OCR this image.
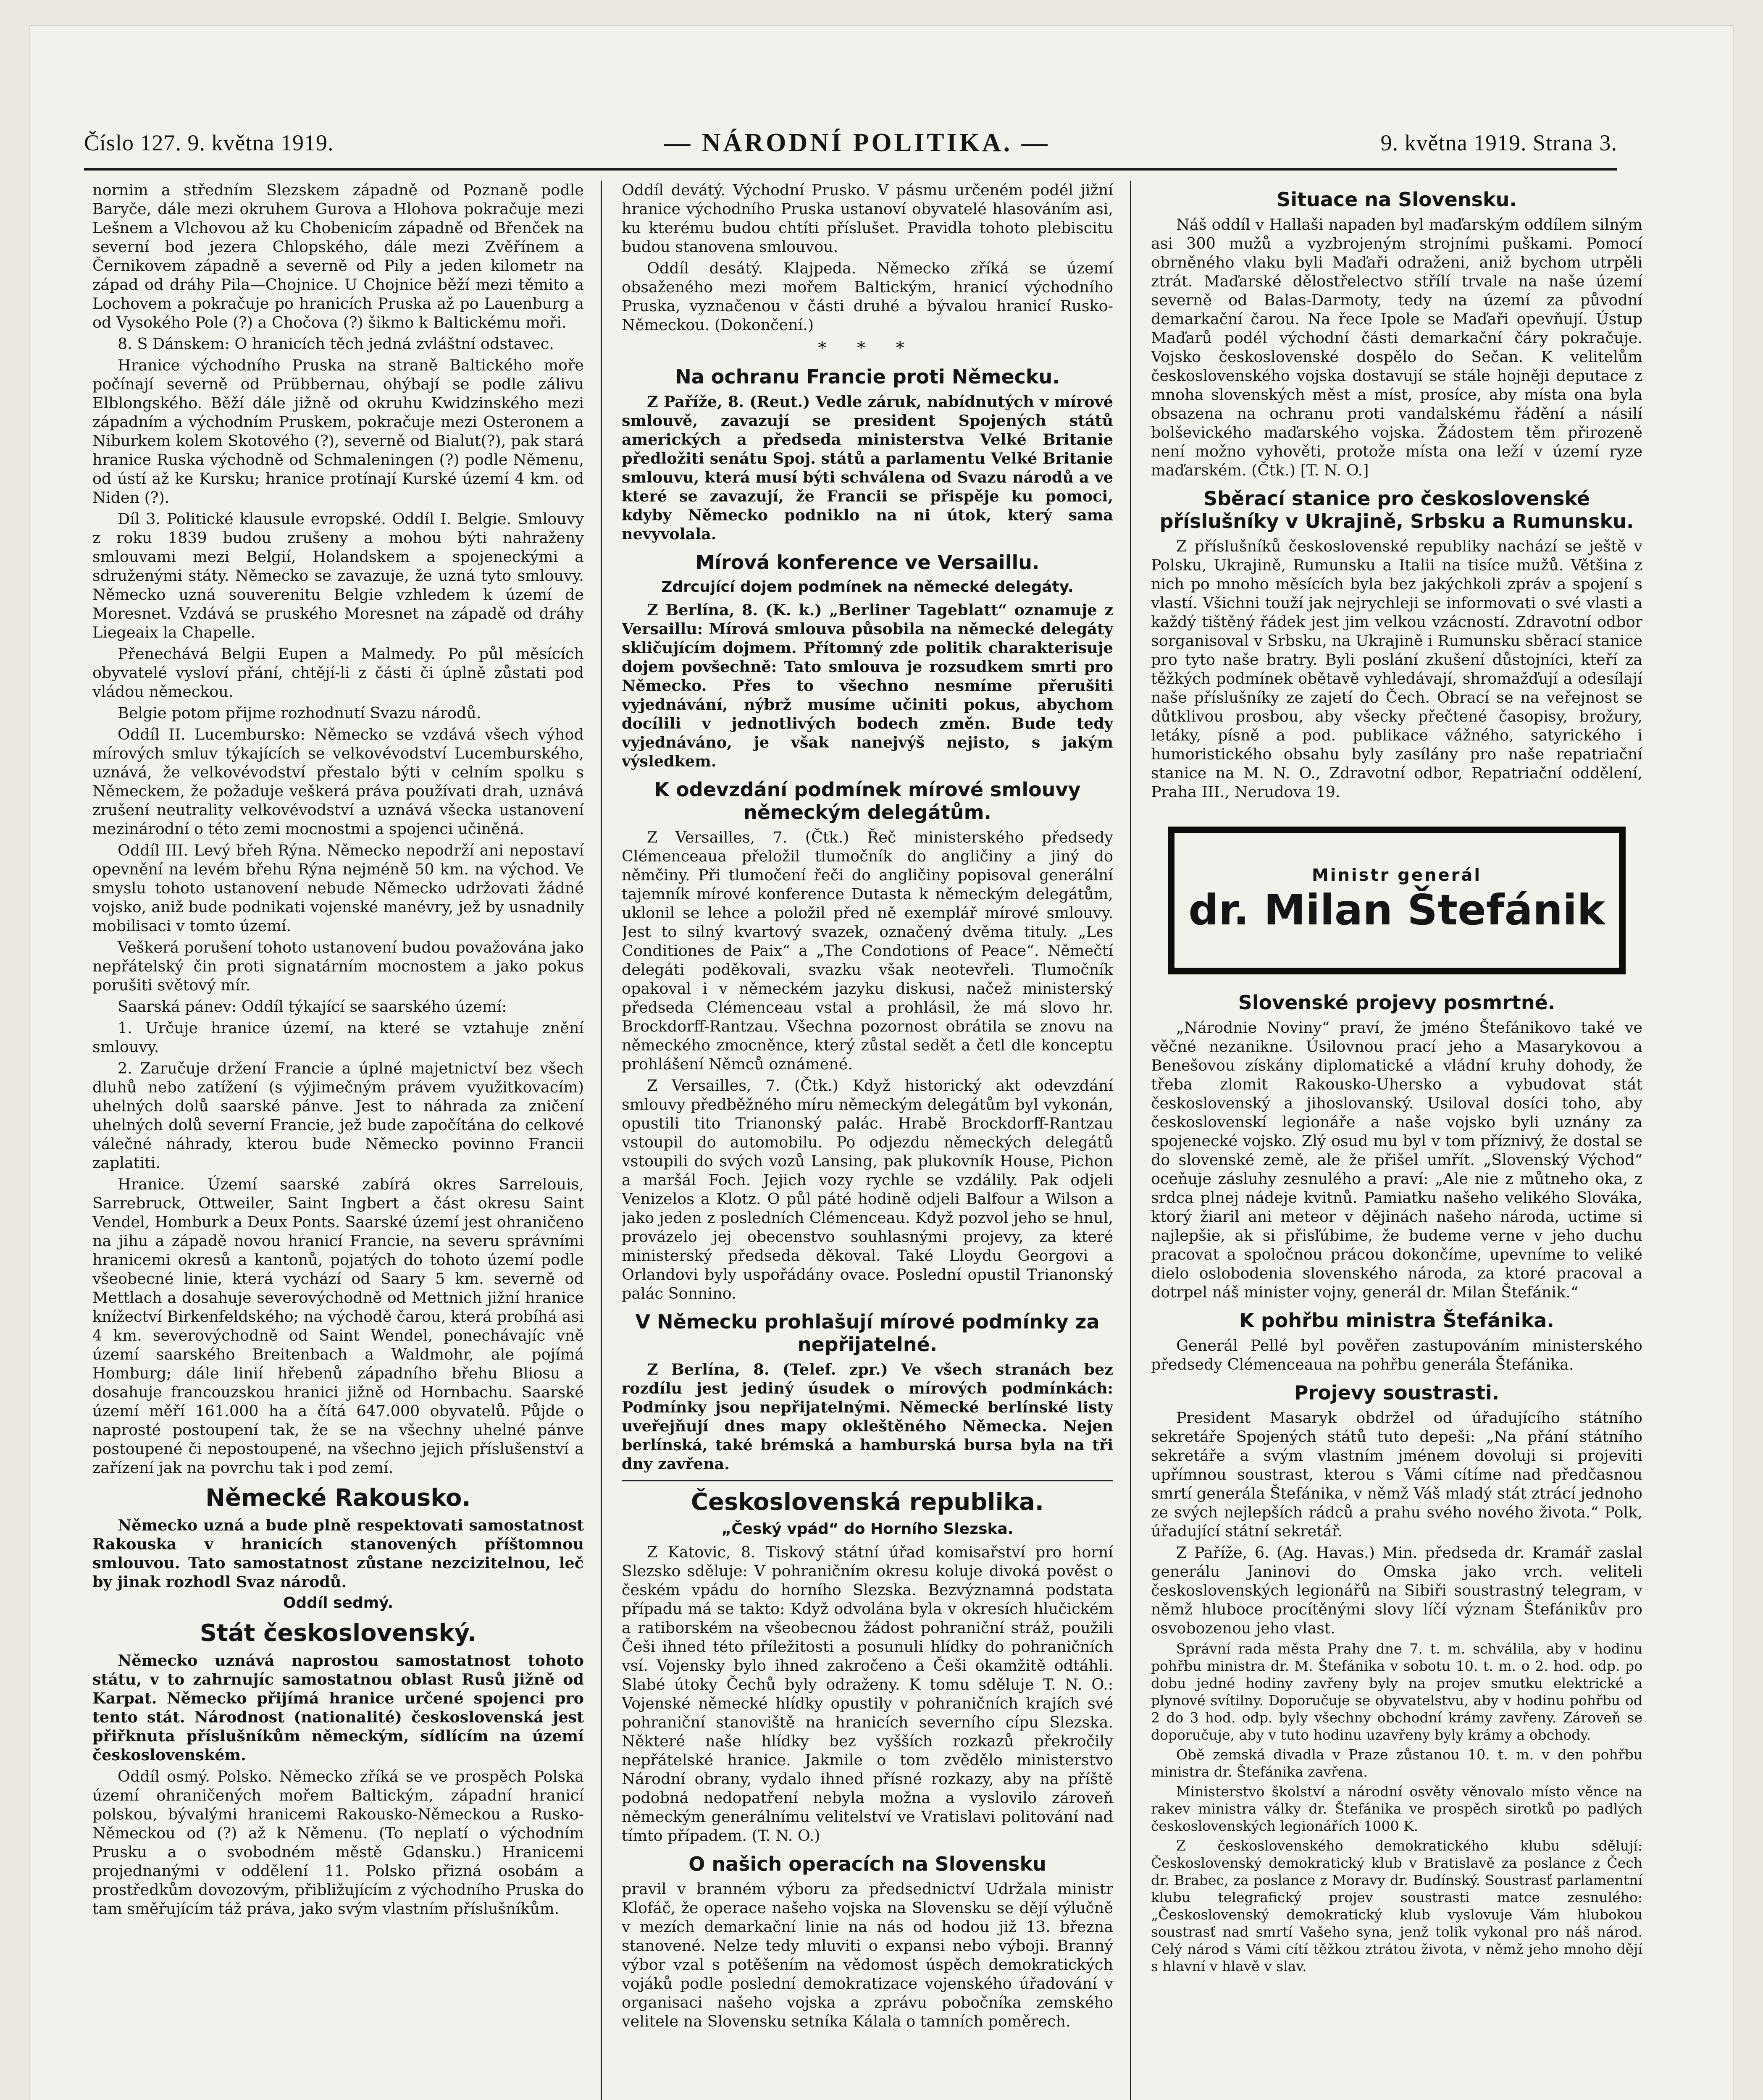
Číslo 127. 9. května 1919.	— NÁRODNÍ POLITIKA. —	9. května 1919. Strana 3.

nornim a středním Slezskem západně od Poznaně podle Baryče, dále mezi okruhem Gurova a Hlohova pokračuje mezi Lešnem a Vlchovou až ku Chobenicím západně od Břenček na severní bod jezera Chlopského, dále mezi Zvěřínem a Černikovem západně a severně od Pily a jeden kilometr na západ od dráhy Pila—Chojnice. U Chojnice běží mezi těmito a Lochovem a pokračuje po hranicích Pruska až po Lauenburg a od Vysokého Pole (?) a Chočova (?) šikmo k Baltickému moři.

8. S Dánskem: O hranicích těch jedná zvláštní odstavec.

Hranice východního Pruska na straně Baltického moře počínají severně od Prübbernau, ohýbají se podle zálivu Elblongského. Běží dále jižně od okruhu Kwidzinského mezi západním a východním Pruskem, pokračuje mezi Osteronem a Niburkem kolem Skotového (?), severně od Bialut(?), pak stará hranice Ruska východně od Schmaleningen (?) podle Němenu, od ústí až ke Kursku; hranice protínají Kurské území 4 km. od Niden (?).

Díl 3. Politické klausule evropské. Oddíl I. Belgie. Smlouvy z roku 1839 budou zrušeny a mohou býti nahraženy smlouvami mezi Belgií, Holandskem a spojeneckými a sdruženými státy. Německo se zavazuje, že uzná tyto smlouvy. Německo uzná souverenitu Belgie vzhledem k území de Moresnet. Vzdává se pruského Moresnet na západě od dráhy Liegeaix la Chapelle.

Přenechává Belgii Eupen a Malmedy. Po půl měsících obyvatelé vysloví přání, chtějí-li z části či úplně zůstati pod vládou německou.

Belgie potom přijme rozhodnutí Svazu národů.

Oddíl II. Lucembursko: Německo se vzdává všech výhod mírových smluv týkajících se velkovévodství Lucemburského, uznává, že velkovévodství přestalo býti v celním spolku s Německem, že požaduje veškerá práva používati drah, uznává zrušení neutrality velkovévodství a uznává všecka ustanovení mezinárodní o této zemi mocnostmi a spojenci učiněná.

Oddíl III. Levý břeh Rýna. Německo nepodrží ani nepostaví opevnění na levém břehu Rýna nejméně 50 km. na východ. Ve smyslu tohoto ustanovení nebude Německo udržovati žádné vojsko, aniž bude podnikati vojenské manévry, jež by usnadnily mobilisaci v tomto území.

Veškerá porušení tohoto ustanovení budou považována jako nepřátelský čin proti signatárním mocnostem a jako pokus porušiti světový mír.

Saarská pánev: Oddíl týkající se saarského území:

1. Určuje hranice území, na které se vztahuje znění smlouvy.

2. Zaručuje držení Francie a úplné majetnictví bez všech dluhů nebo zatížení (s výjimečným právem využitkovacím) uhelných dolů saarské pánve. Jest to náhrada za zničení uhelných dolů severní Francie, jež bude započítána do celkové válečné náhrady, kterou bude Německo povinno Francii zaplatiti.

Hranice. Území saarské zabírá okres Sarrelouis, Sarrebruck, Ottweiler, Saint Ingbert a část okresu Saint Vendel, Homburk a Deux Ponts. Saarské území jest ohraničeno na jihu a západě novou hranicí Francie, na severu správními hranicemi okresů a kantonů, pojatých do tohoto území podle všeobecné linie, která vychází od Saary 5 km. severně od Mettlach a dosahuje severovýchodně od Mettnich jižní hranice knížectví Birkenfeldského; na východě čarou, která probíhá asi 4 km. severovýchodně od Saint Wendel, ponechávajíc vně území saarského Breitenbach a Waldmohr, ale pojímá Homburg; dále linií hřebenů západního břehu Bliosu a dosahuje francouzskou hranici jižně od Hornbachu. Saarské území měří 161.000 ha a čítá 647.000 obyvatelů. Půjde o naprosté postoupení tak, že se na všechny uhelné pánve postoupené či nepostoupené, na všechno jejich příslušenství a zařízení jak na povrchu tak i pod zemí.

Německé Rakousko.

Německo uzná a bude plně respektovati samostatnost Rakouska v hranicích stanovených příštomnou smlouvou. Tato samostatnost zůstane nezcizitelnou, leč by jinak rozhodl Svaz národů.

Oddíl sedmý.
Stát československý.

Německo uznává naprostou samostatnost tohoto státu, v to zahrnujíc samostatnou oblast Rusů jižně od Karpat. Německo přijímá hranice určené spojenci pro tento stát. Národnost (nationalité) československá jest přiřknuta příslušníkům německým, sídlícím na území československém.

Oddíl osmý. Polsko. Německo zříká se ve prospěch Polska území ohraničených mořem Baltickým, západní hranicí polskou, bývalými hranicemi Rakousko-Německou a Rusko-Německou od (?) až k Němenu. (To neplatí o východním Prusku a o svobodném městě Gdansku.) Hranicemi projednanými v oddělení 11. Polsko přizná osobám a prostředkům dovozovým, přibližujícím z východního Pruska do tam směřujícím táž práva, jako svým vlastním příslušníkům.

Oddíl devátý. Východní Prusko. V pásmu určeném podél jižní hranice východního Pruska ustanoví obyvatelé hlasováním asi, ku kterému budou chtíti příslušet. Pravidla tohoto plebiscitu budou stanovena smlouvou.

Oddíl desátý. Klajpeda. Německo zříká se území obsaženého mezi mořem Baltickým, hranicí východního Pruska, vyznačenou v části druhé a bývalou hranicí Rusko-Německou. (Dokončení.)

* * *
Na ochranu Francie proti Německu.

Z Paříže, 8. (Reut.) Vedle záruk, nabídnutých v mírové smlouvě, zavazují se president Spojených států amerických a předseda ministerstva Velké Britanie předložiti senátu Spoj. států a parlamentu Velké Britanie smlouvu, která musí býti schválena od Svazu národů a ve které se zavazují, že Francii se přispěje ku pomoci, kdyby Německo podniklo na ni útok, který sama nevyvolala.

Mírová konference ve Versaillu.
Zdrcující dojem podmínek na německé delegáty.

Z Berlína, 8. (K. k.) „Berliner Tageblatt“ oznamuje z Versaillu: Mírová smlouva působila na německé delegáty skličujícím dojmem. Přítomný zde politik charakterisuje dojem povšechně: Tato smlouva je rozsudkem smrti pro Německo. Přes to všechno nesmíme přerušiti vyjednávání, nýbrž musíme učiniti pokus, abychom docílili v jednotlivých bodech změn. Bude tedy vyjednáváno, je však nanejvýš nejisto, s jakým výsledkem.

K odevzdání podmínek mírové smlouvy německým delegátům.

Z Versailles, 7. (Čtk.) Řeč ministerského předsedy Clémenceaua přeložil tlumočník do angličiny a jiný do němčiny. Při tlumočení řeči do angličiny popisoval generální tajemník mírové konference Dutasta k německým delegátům, uklonil se lehce a položil před ně exemplář mírové smlouvy. Jest to silný kvartový svazek, označený dvěma tituly. „Les Conditiones de Paix“ a „The Condotions of Peace“. Němečtí delegáti poděkovali, svazku však neotevřeli. Tlumočník opakoval i v německém jazyku diskusi, načež ministerský předseda Clémenceau vstal a prohlásil, že má slovo hr. Brockdorff-Rantzau. Všechna pozornost obrátila se znovu na německého zmocněnce, který zůstal sedět a četl dle konceptu prohlášení Němců oznámené.

Z Versailles, 7. (Čtk.) Když historický akt odevzdání smlouvy předběžného míru německým delegátům byl vykonán, opustili tito Trianonský palác. Hrabě Brockdorff-Rantzau vstoupil do automobilu. Po odjezdu německých delegátů vstoupili do svých vozů Lansing, pak plukovník House, Pichon a maršál Foch. Jejich vozy rychle se vzdálily. Pak odjeli Venizelos a Klotz. O půl páté hodině odjeli Balfour a Wilson a jako jeden z posledních Clémenceau. Když pozvol jeho se hnul, provázelo jej obecenstvo souhlasnými projevy, za které ministerský předseda děkoval. Také Lloydu Georgovi a Orlandovi byly uspořádány ovace. Poslední opustil Trianonský palác Sonnino.

V Německu prohlašují mírové podmínky za nepřijatelné.

Z Berlína, 8. (Telef. zpr.) Ve všech stranách bez rozdílu jest jediný úsudek o mírových podmínkách: Podmínky jsou nepřijatelnými. Německé berlínské listy uveřejňují dnes mapy okleštěného Německa. Nejen berlínská, také brémská a hamburská bursa byla na tři dny zavřena.

Československá republika.
„Český vpád“ do Horního Slezska.

Z Katovic, 8. Tiskový státní úřad komisařství pro horní Slezsko sděluje: V pohraničním okresu koluje divoká pověst o českém vpádu do horního Slezska. Bezvýznamná podstata případu má se takto: Když odvolána byla v okresích hlučickém a ratiborském na všeobecnou žádost pohraniční stráž, použili Češi ihned této příležitosti a posunuli hlídky do pohraničních vsí. Vojensky bylo ihned zakročeno a Češi okamžitě odtáhli. Slabé útoky Čechů byly odraženy. K tomu sděluje T. N. O.: Vojenské německé hlídky opustily v pohraničních krajích své pohraniční stanoviště na hranicích severního cípu Slezska. Některé naše hlídky bez vyšších rozkazů překročily nepřátelské hranice. Jakmile o tom zvědělo ministerstvo Národní obrany, vydalo ihned přísné rozkazy, aby na příště podobná nedopatření nebyla možna a vyslovilo zároveň německým generálnímu velitelství ve Vratislavi politování nad tímto případem. (T. N. O.)

O našich operacích na Slovensku

pravil v branném výboru za předsednictví Udržala ministr Klofáč, že operace našeho vojska na Slovensku se dějí výlučně v mezích demarkační linie na nás od hodou již 13. března stanovené. Nelze tedy mluviti o expansi nebo výboji. Branný výbor vzal s potěšením na vědomost úspěch demokratických vojáků podle poslední demokratizace vojenského úřadování v organisaci našeho vojska a zprávu pobočníka zemského velitele na Slovensku setníka Kálala o tamních poměrech.

Situace na Slovensku.

Náš oddíl v Hallaši napaden byl maďarským oddílem silným asi 300 mužů a vyzbrojeným strojními puškami. Pomocí obrněného vlaku byli Maďaři odraženi, aniž bychom utrpěli ztrát. Maďarské dělostřelectvo střílí trvale na naše území severně od Balas-Darmoty, tedy na území za původní demarkační čarou. Na řece Ipole se Maďaři opevňují. Ústup Maďarů podél východní části demarkační čáry pokračuje. Vojsko československé dospělo do Sečan. K velitelům československého vojska dostavují se stále hojněji deputace z mnoha slovenských měst a míst, prosíce, aby místa ona byla obsazena na ochranu proti vandalskému řádění a násilí bolševického maďarského vojska. Žádostem těm přirozeně není možno vyhověti, protože místa ona leží v území ryze maďarském. (Čtk.) [T. N. O.]

Sběrací stanice pro československé příslušníky v Ukrajině, Srbsku a Rumunsku.

Z příslušníků československé republiky nachází se ještě v Polsku, Ukrajině, Rumunsku a Italii na tisíce mužů. Většina z nich po mnoho měsících byla bez jakýchkoli zpráv a spojení s vlastí. Všichni touží jak nejrychleji se informovati o své vlasti a každý tištěný řádek jest jim velkou vzácností. Zdravotní odbor sorganisoval v Srbsku, na Ukrajině i Rumunsku sběrací stanice pro tyto naše bratry. Byli poslání zkušení důstojníci, kteří za těžkých podmínek obětavě vyhledávají, shromažďují a odesílají naše příslušníky ze zajetí do Čech. Obrací se na veřejnost se důtklivou prosbou, aby všecky přečtené časopisy, brožury, letáky, písně a pod. publikace vážného, satyrického i humoristického obsahu byly zasílány pro naše repatriační stanice na M. N. O., Zdravotní odbor, Repatriační oddělení, Praha III., Nerudova 19.

Ministr generál
dr. Milan Štefánik
Slovenské projevy posmrtné.

„Národnie Noviny“ praví, že jméno Štefánikovo také ve věčné nezanikne. Úsilovnou prací jeho a Masarykovou a Benešovou získány diplomatické a vládní kruhy dohody, že třeba zlomit Rakousko-Uhersko a vybudovat stát československý a jihoslovanský. Usiloval dosíci toho, aby československí legionáře a naše vojsko byli uznány za spojenecké vojsko. Zlý osud mu byl v tom příznivý, že dostal se do slovenské země, ale že přišel umřít. „Slovenský Východ“ oceňuje zásluhy zesnulého a praví: „Ale nie z můtneho oka, z srdca plnej nádeje kvitnů. Pamiatku našeho velikého Slováka, ktorý žiaril ani meteor v dějinách našeho národa, uctime si najlepšie, ak si přisľúbime, že budeme verne v jeho duchu pracovat a spoločnou prácou dokončíme, upevníme to veliké dielo oslobodenia slovenského národa, za ktoré pracoval a dotrpel náš minister vojny, generál dr. Milan Štefánik.“

K pohřbu ministra Štefánika.

Generál Pellé byl pověřen zastupováním ministerského předsedy Clémenceaua na pohřbu generála Štefánika.

Projevy soustrasti.

President Masaryk obdržel od úřadujícího státního sekretáře Spojených států tuto depeši: „Na přání státního sekretáře a svým vlastním jménem dovoluji si projeviti upřímnou soustrast, kterou s Vámi cítíme nad předčasnou smrtí generála Štefánika, v němž Váš mladý stát ztrácí jednoho ze svých nejlepších rádců a prahu svého nového života.“ Polk, úřadující státní sekretář.

Z Paříže, 6. (Ag. Havas.) Min. předseda dr. Kramář zaslal generálu Janinovi do Omska jako vrch. veliteli československých legionářů na Sibiři soustrastný telegram, v němž hluboce procítěnými slovy líčí význam Štefánikův pro osvobozenou jeho vlast.

Správní rada města Prahy dne 7. t. m. schválila, aby v hodinu pohřbu ministra dr. M. Štefánika v sobotu 10. t. m. o 2. hod. odp. po dobu jedné hodiny zavřeny byly na projev smutku elektrické a plynové svítilny. Doporučuje se obyvatelstvu, aby v hodinu pohřbu od 2 do 3 hod. odp. byly všechny obchodní krámy zavřeny. Zároveň se doporučuje, aby v tuto hodinu uzavřeny byly krámy a obchody.

Obě zemská divadla v Praze zůstanou 10. t. m. v den pohřbu ministra dr. Štefánika zavřena.

Ministerstvo školství a národní osvěty věnovalo místo věnce na rakev ministra války dr. Štefánika ve prospěch sirotků po padlých československých legionářích 1000 K.

Z československého demokratického klubu sdělují: Československý demokratický klub v Bratislavě za poslance z Čech dr. Brabec, za poslance z Moravy dr. Budínský. Soustrasť parlamentní klubu telegrafický projev soustrasti matce zesnulého: „Československý demokratický klub vyslovuje Vám hlubokou soustrasť nad smrtí Vašeho syna, jenž tolik vykonal pro náš národ. Celý národ s Vámi cítí těžkou ztrátou života, v němž jeho mnoho dějí s hlavní v hlavě v slav.
